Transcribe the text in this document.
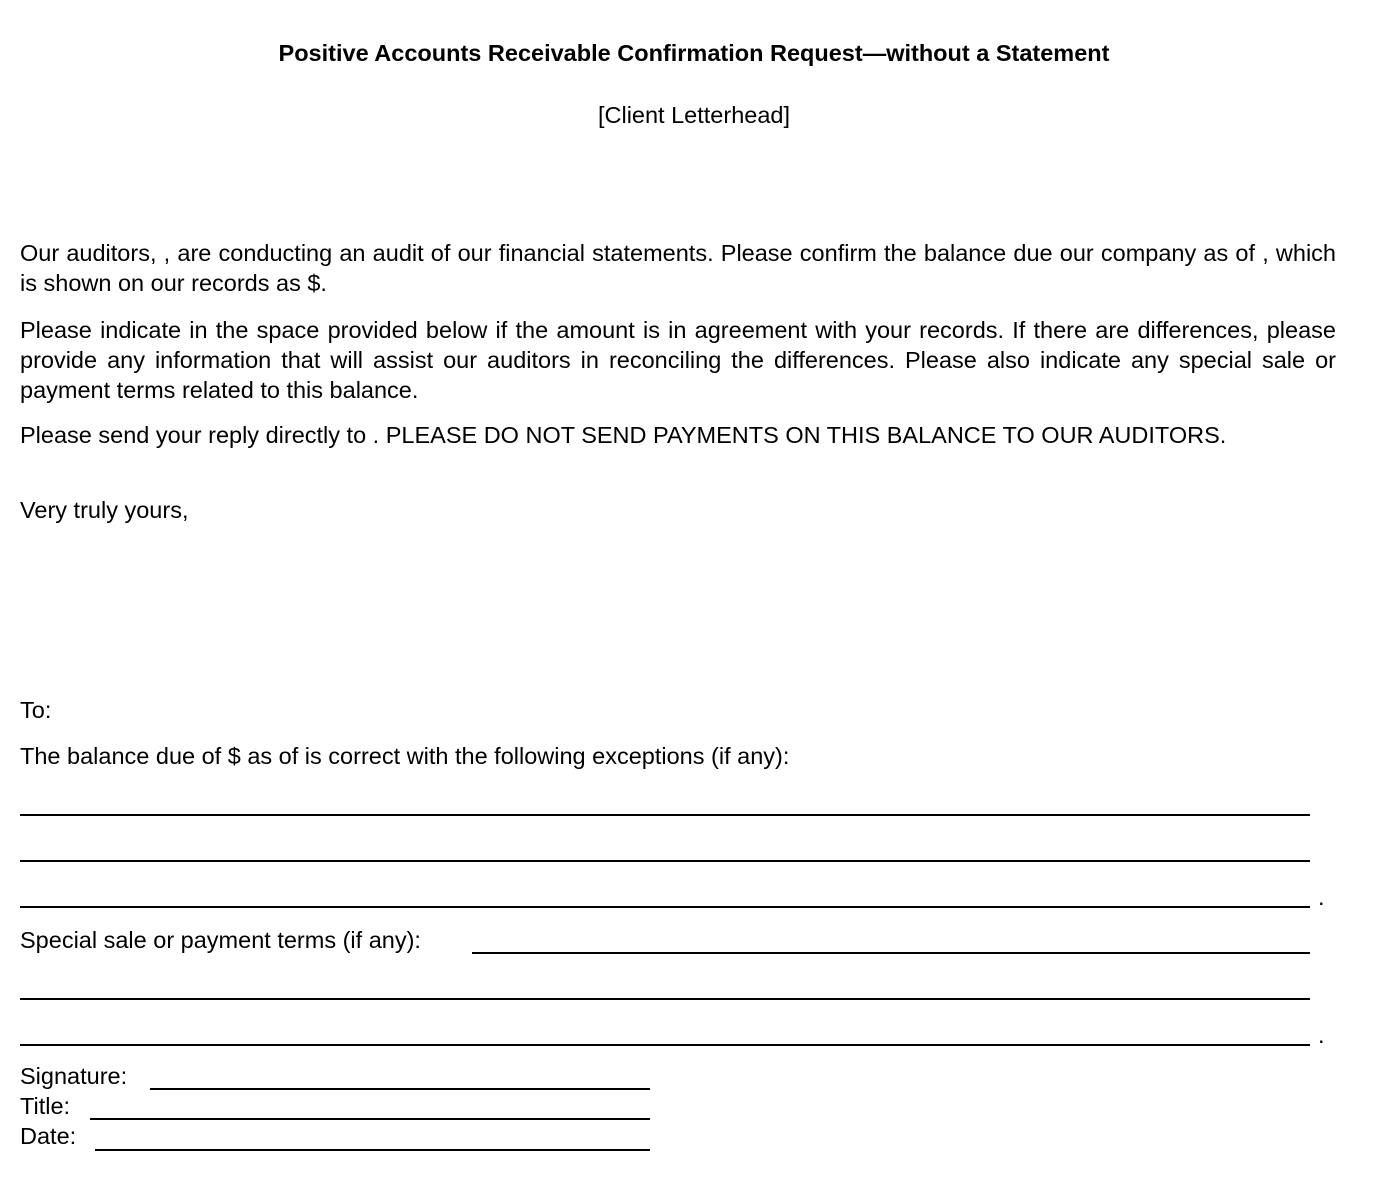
Positive Accounts Receivable Confirmation Request—without a Statement
[Client Letterhead]
Our auditors, , are conducting an audit of our financial statements. Please confirm the balance due our company as of , which is shown on our records as $.
Please indicate in the space provided below if the amount is in agreement with your records. If there are differences, please provide any information that will assist our auditors in reconciling the differences. Please also indicate any special sale or payment terms related to this balance.
Please send your reply directly to . PLEASE DO NOT SEND PAYMENTS ON THIS BALANCE TO OUR AUDITORS.
Very truly yours,
To:
The balance due of $ as of is correct with the following exceptions (if any):
.
Special sale or payment terms (if any):
.
Signature:
Title:
Date:
